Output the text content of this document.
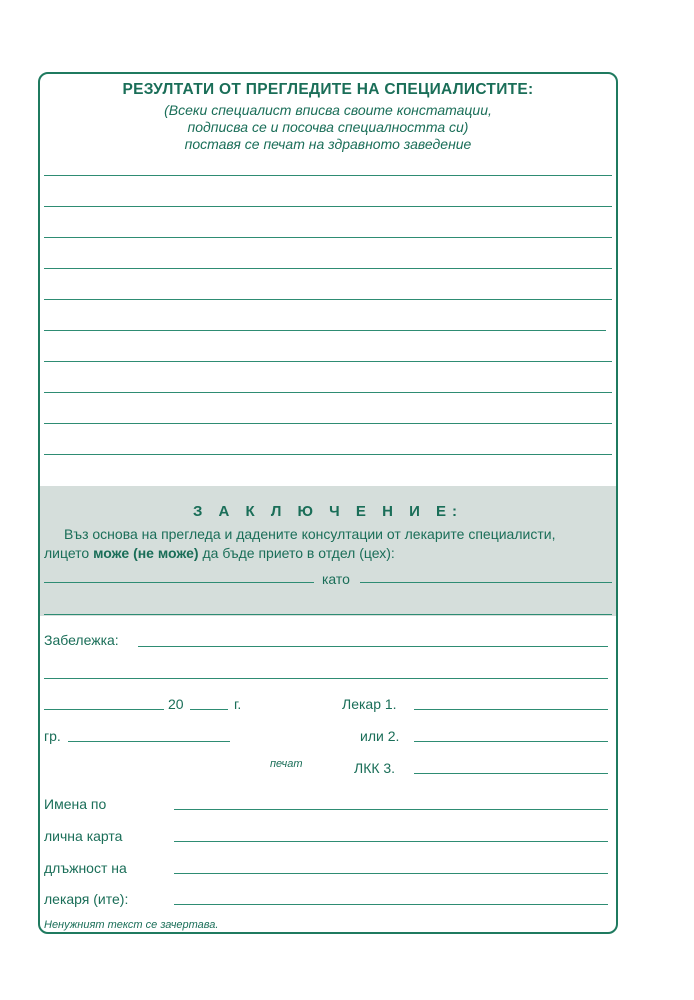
РЕЗУЛТАТИ ОТ ПРЕГЛЕДИТЕ НА СПЕЦИАЛИСТИТЕ:
(Всеки специалист вписва своите констатации,
подписва се и посочва специалността си)
поставя се печат на здравното заведение
З А К Л Ю Ч Е Н И Е:
Въз основа на прегледа и дадените консултации от лекарите специалисти,
лицето може (не може) да бъде прието в отдел (цех):
като
Забележка:
20	г.	Лекар 1.
гр.	или 2.
печат	ЛКК 3.
Имена по
лична карта
длъжност на
лекаря (ите):
Ненужният текст се зачертава.
